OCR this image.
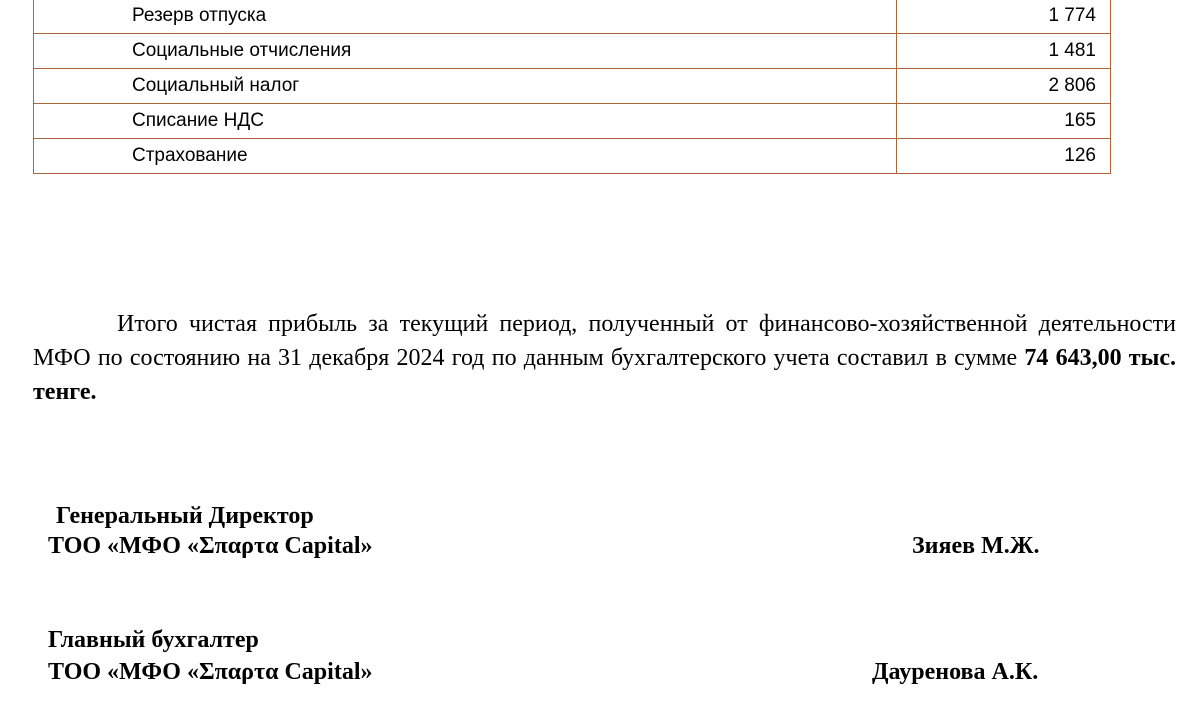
Резерв отпуска	1 774
Социальные отчисления	1 481
Социальный налог	2 806
Списание НДС	165
Страхование	126

Итого чистая прибыль за текущий период, полученный от финансово-хозяйственной деятельности МФО по состоянию на 31 декабря 2024 год по данным бухгалтерского учета составил в сумме 74 643,00 тыс. тенге.

Генеральный Директор
ТОО «МФО «Σπαρτα Capital»	Зияев М.Ж.
Главный бухгалтер
ТОО «МФО «Σπαρτα Capital»	Дауренова А.К.
